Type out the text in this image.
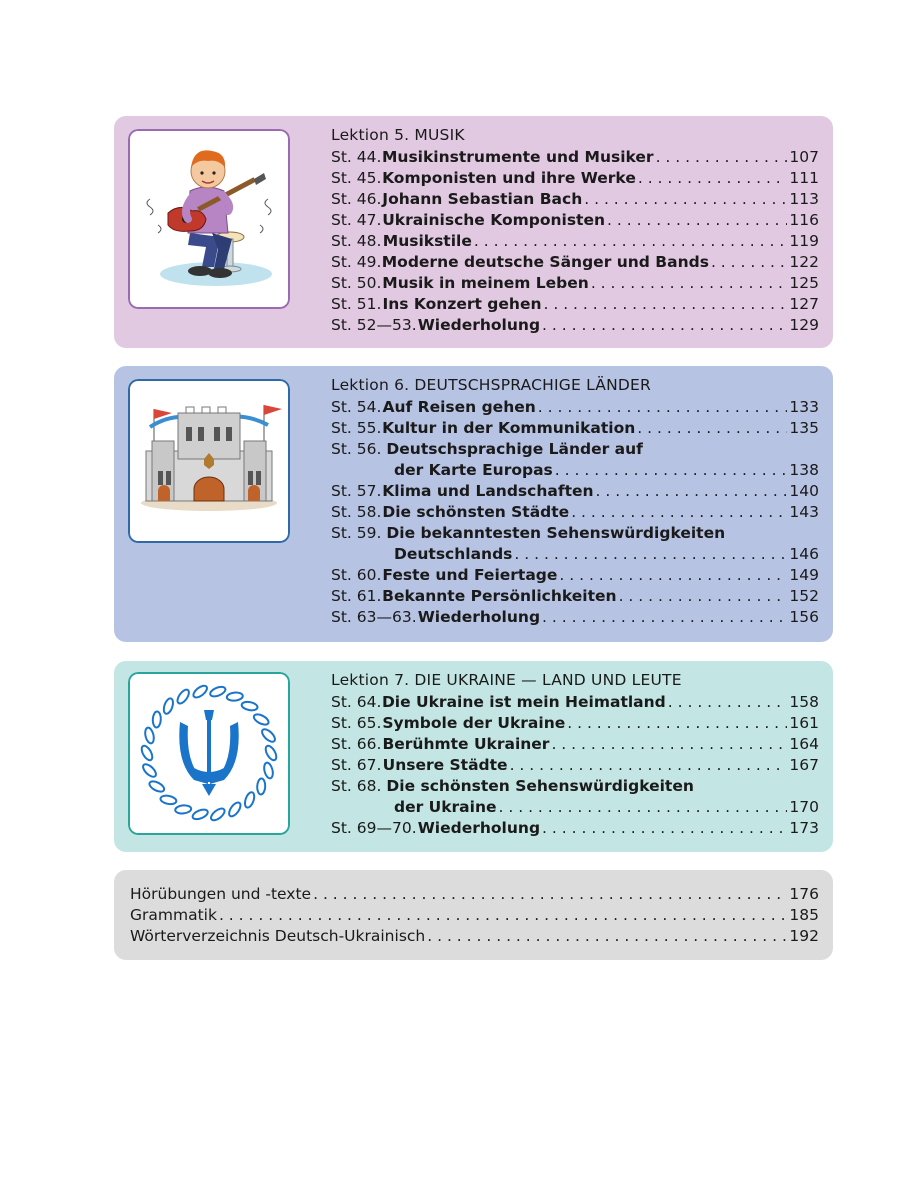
Lektion 5. MUSIK
St. 44. Musikinstrumente und Musiker . . .	107
St. 45. Komponisten und ihre Werke . . .	111
St. 46. Johann Sebastian Bach . . .	113
St. 47. Ukrainische Komponisten . . .	116
St. 48. Musikstile . . .	119
St. 49. Moderne deutsche Sänger und Bands . . .	122
St. 50. Musik in meinem Leben . . .	125
St. 51. Ins Konzert gehen . . .	127
St. 52—53. Wiederholung . . .	129
Lektion 6. DEUTSCHSPRACHIGE LÄNDER
St. 54. Auf Reisen gehen . . .	133
St. 55. Kultur in der Kommunikation . . .	135
St. 56. Deutschsprachige Länder auf
der Karte Europas . . .	138
St. 57. Klima und Landschaften . . .	140
St. 58. Die schönsten Städte . . .	143
St. 59. Die bekanntesten Sehenswürdigkeiten
Deutschlands . . .	146
St. 60. Feste und Feiertage . . .	149
St. 61. Bekannte Persönlichkeiten . . .	152
St. 63—63. Wiederholung . . .	156
Lektion 7. DIE UKRAINE — LAND UND LEUTE
St. 64. Die Ukraine ist mein Heimatland . . .	158
St. 65. Symbole der Ukraine . . .	161
St. 66. Berühmte Ukrainer . . .	164
St. 67. Unsere Städte . . .	167
St. 68. Die schönsten Sehenswürdigkeiten
der Ukraine . . .	170
St. 69—70. Wiederholung . . .	173
Hörübungen und -texte . . .	176
Grammatik . . .	185
Wörterverzeichnis Deutsch-Ukrainisch . . .	192
